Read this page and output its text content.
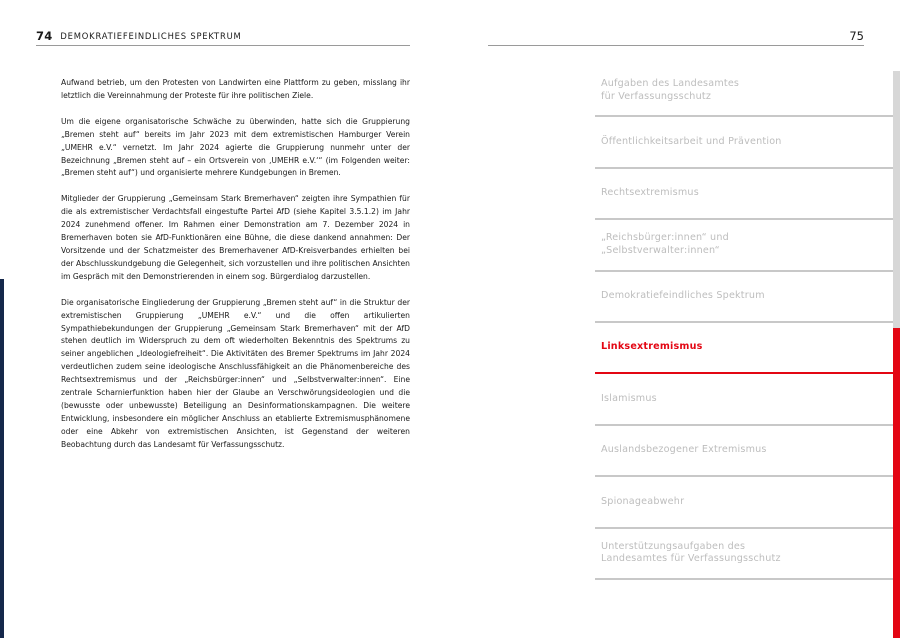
74 DEMOKRATIEFEINDLICHES SPEKTRUM

Aufwand betrieb, um den Protesten von Landwirten eine Plattform zu geben, misslang ihr letztlich die Vereinnahmung der Proteste für ihre politischen Ziele.

Um die eigene organisatorische Schwäche zu überwinden, hatte sich die Gruppierung „Bremen steht auf“ bereits im Jahr 2023 mit dem extremistischen Hamburger Verein „UMEHR e.V.“ vernetzt. Im Jahr 2024 agierte die Gruppierung nunmehr unter der Bezeichnung „Bremen steht auf – ein Ortsverein von ‚UMEHR e.V.‘“ (im Folgenden weiter: „Bremen steht auf“) und organisierte mehrere Kundgebungen in Bremen.

Mitglieder der Gruppierung „Gemeinsam Stark Bremerhaven“ zeigten ihre Sympathien für die als extremistischer Verdachtsfall eingestufte Partei AfD (siehe Kapitel 3.5.1.2) im Jahr 2024 zunehmend offener. Im Rahmen einer Demonstration am 7. Dezember 2024 in Bremerhaven boten sie AfD-Funktionären eine Bühne, die diese dankend annahmen: Der Vorsitzende und der Schatzmeister des Bremerhavener AfD-Kreisverbandes erhielten bei der Abschlusskundgebung die Gelegenheit, sich vorzustellen und ihre politischen Ansichten im Gespräch mit den Demonstrierenden in einem sog. Bürgerdialog darzustellen.

Die organisatorische Eingliederung der Gruppierung „Bremen steht auf“ in die Struktur der extremistischen Gruppierung „UMEHR e.V.“ und die offen artikulierten Sympathiebekundungen der Gruppierung „Gemeinsam Stark Bremerhaven“ mit der AfD stehen deutlich im Widerspruch zu dem oft wiederholten Bekenntnis des Spektrums zu seiner angeblichen „Ideologiefreiheit“. Die Aktivitäten des Bremer Spektrums im Jahr 2024 verdeutlichen zudem seine ideologische Anschlussfähigkeit an die Phänomenbereiche des Rechtsextremismus und der „Reichsbürger:innen“ und „Selbstverwalter:innen“. Eine zentrale Scharnierfunktion haben hier der Glaube an Verschwörungsideologien und die (bewusste oder unbewusste) Beteiligung an Desinformationskampagnen. Die weitere Entwicklung, insbesondere ein möglicher Anschluss an etablierte Extremismusphänomene oder eine Abkehr von extremistischen Ansichten, ist Gegenstand der weiteren Beobachtung durch das Landesamt für Verfassungsschutz.

75
Aufgaben des Landesamtes
für Verfassungsschutz
Öffentlichkeitsarbeit und Prävention
Rechtsextremismus
„Reichsbürger:innen“ und
„Selbstverwalter:innen“
Demokratiefeindliches Spektrum
Linksextremismus
Islamismus
Auslandsbezogener Extremismus
Spionageabwehr
Unterstützungsaufgaben des
Landesamtes für Verfassungsschutz
